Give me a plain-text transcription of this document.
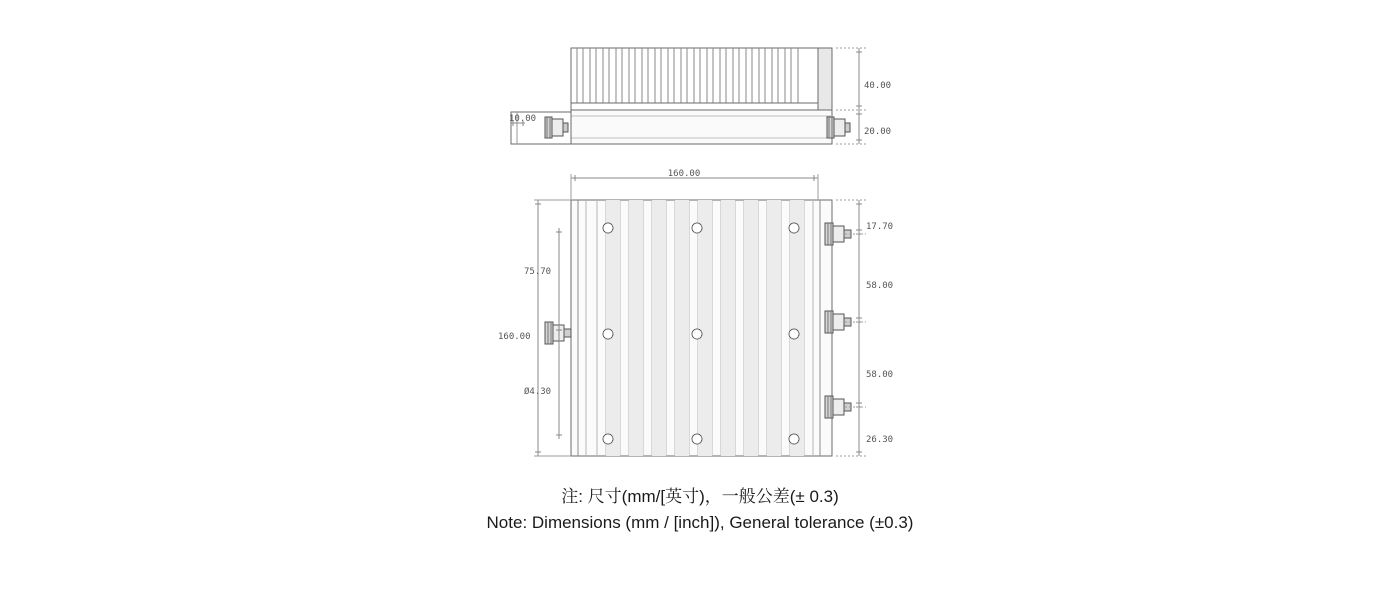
40.00
20.00
10.00
160.00
160.00
75.70
Ø4.30
17.70
58.00
58.00
26.30
注: 尺寸(mm/[英寸)，一般公差(± 0.3)
Note: Dimensions (mm / [inch]), General tolerance (±0.3)
